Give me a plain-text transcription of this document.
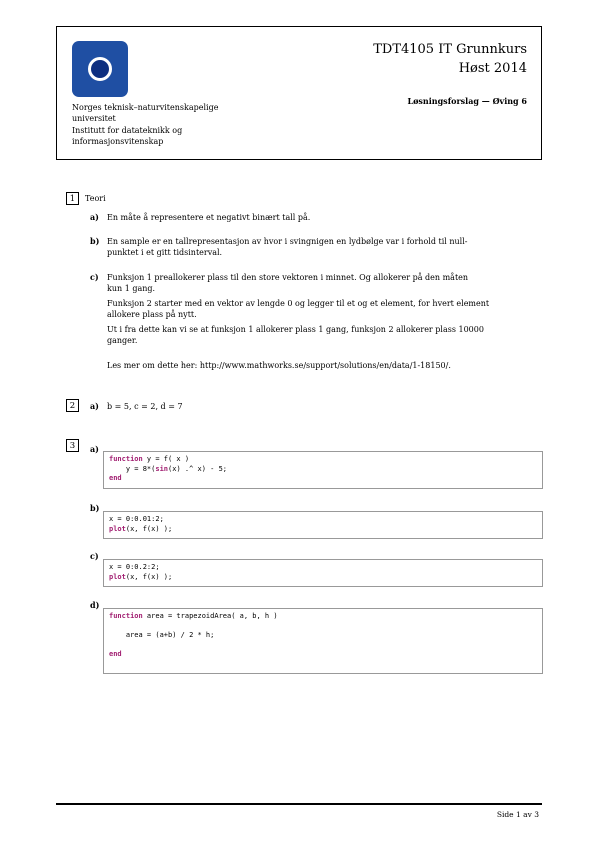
Norges teknisk–naturvitenskapelige
universitet
Institutt for datateknikk og
informasjonsvitenskap
TDT4105 IT Grunnkurs
Høst 2014
Løsningsforslag — Øving 6
1	Teori
a) En måte å representere et negativt binært tall på.
b) En sample er en tallrepresentasjon av hvor i svingnigen en lydbølge var i forhold til null-
punktet i et gitt tidsinterval.
c) Funksjon 1 preallokerer plass til den store vektoren i minnet. Og allokerer på den måten
kun 1 gang.
Funksjon 2 starter med en vektor av lengde 0 og legger til et og et element, for hvert element
allokere plass på nytt.
Ut i fra dette kan vi se at funksjon 1 allokerer plass 1 gang, funksjon 2 allokerer plass 10000
ganger.
Les mer om dette her: http://www.mathworks.se/support/solutions/en/data/1-18150/.
2	a) b = 5, c = 2, d = 7
3	a)
function y = f( x )
y = 8*(sin(x) .^ x) - 5;
end
b)
x = 0:0.01:2;
plot(x, f(x) );
c)
x = 0:0.2:2;
plot(x, f(x) );
d)
function area = trapezoidArea( a, b, h )

area = (a+b) / 2 * h;

end
Side 1 av 3
